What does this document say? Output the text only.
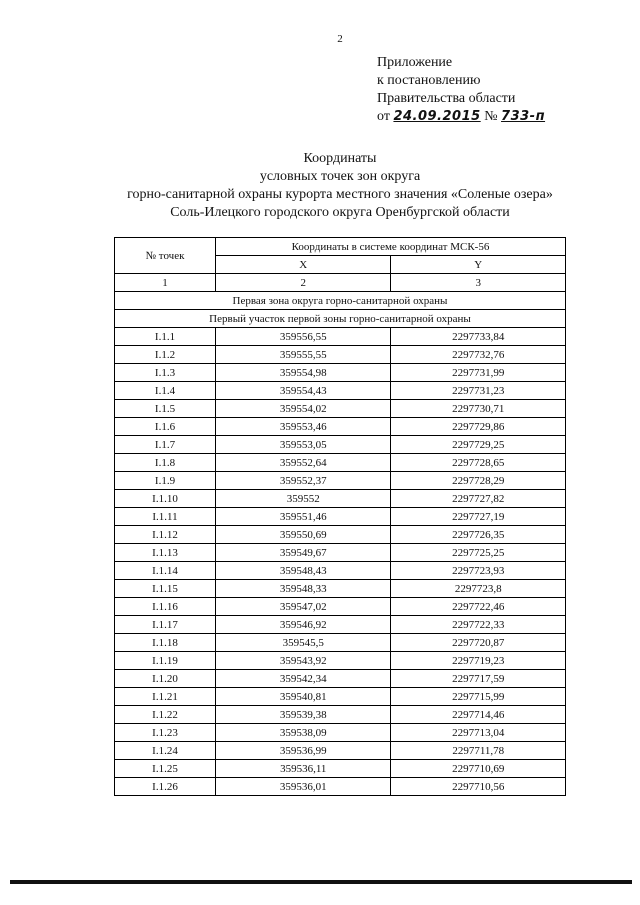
2
Приложение
к постановлению
Правительства области
от 24.09.2015 № 733-п
Координаты
условных точек зон округа
горно-санитарной охраны курорта местного значения «Соленые озера»
Соль-Илецкого городского округа Оренбургской области
№ точек	Координаты в системе координат МСК-56	
	X	Y
1	2	3
Первая зона округа горно-санитарной охраны		
Первый участок первой зоны горно-санитарной охраны		
I.1.1	359556,55	2297733,84
I.1.2	359555,55	2297732,76
I.1.3	359554,98	2297731,99
I.1.4	359554,43	2297731,23
I.1.5	359554,02	2297730,71
I.1.6	359553,46	2297729,86
I.1.7	359553,05	2297729,25
I.1.8	359552,64	2297728,65
I.1.9	359552,37	2297728,29
I.1.10	359552	2297727,82
I.1.11	359551,46	2297727,19
I.1.12	359550,69	2297726,35
I.1.13	359549,67	2297725,25
I.1.14	359548,43	2297723,93
I.1.15	359548,33	2297723,8
I.1.16	359547,02	2297722,46
I.1.17	359546,92	2297722,33
I.1.18	359545,5	2297720,87
I.1.19	359543,92	2297719,23
I.1.20	359542,34	2297717,59
I.1.21	359540,81	2297715,99
I.1.22	359539,38	2297714,46
I.1.23	359538,09	2297713,04
I.1.24	359536,99	2297711,78
I.1.25	359536,11	2297710,69
I.1.26	359536,01	2297710,56
